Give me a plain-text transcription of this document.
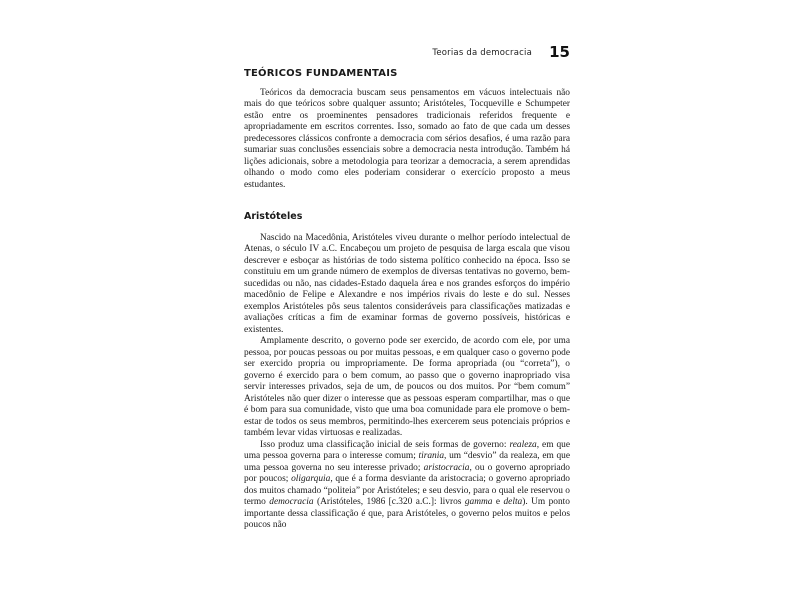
Teorias da democracia 15
TEÓRICOS FUNDAMENTAIS

Teóricos da democracia buscam seus pensamentos em vácuos intelectuais não mais do que teóricos sobre qualquer assunto; Aristóteles, Tocqueville e Schumpeter estão entre os proeminentes pensadores tradicionais referidos frequente e apropriadamente em escritos correntes. Isso, somado ao fato de que cada um desses predecessores clássicos confronte a democracia com sérios desafios, é uma razão para sumariar suas conclusões essenciais sobre a democracia nesta introdução. Também há lições adicionais, sobre a metodologia para teorizar a democracia, a serem aprendidas olhando o modo como eles poderiam considerar o exercício proposto a meus estudantes.

Aristóteles

Nascido na Macedônia, Aristóteles viveu durante o melhor período intelectual de Atenas, o século IV a.C. Encabeçou um projeto de pesquisa de larga escala que visou descrever e esboçar as histórias de todo sistema político conhecido na época. Isso se constituiu em um grande número de exemplos de diversas tentativas no governo, bem-sucedidas ou não, nas cidades-Estado daquela área e nos grandes esforços do império macedônio de Felipe e Alexandre e nos impérios rivais do leste e do sul. Nesses exemplos Aristóteles pôs seus talentos consideráveis para classificações matizadas e avaliações críticas a fim de examinar formas de governo possíveis, históricas e existentes.

Amplamente descrito, o governo pode ser exercido, de acordo com ele, por uma pessoa, por poucas pessoas ou por muitas pessoas, e em qualquer caso o governo pode ser exercido propria ou impropriamente. De forma apropriada (ou “correta”), o governo é exercido para o bem comum, ao passo que o governo inapropriado visa servir interesses privados, seja de um, de poucos ou dos muitos. Por “bem comum” Aristóteles não quer dizer o interesse que as pessoas esperam compartilhar, mas o que é bom para sua comunidade, visto que uma boa comunidade para ele promove o bem-estar de todos os seus membros, permitindo-lhes exercerem seus potenciais próprios e também levar vidas virtuosas e realizadas.

Isso produz uma classificação inicial de seis formas de governo: realeza, em que uma pessoa governa para o interesse comum; tirania, um “desvio” da realeza, em que uma pessoa governa no seu interesse privado; aristocracia, ou o governo apropriado por poucos; oligarquia, que é a forma desviante da aristocracia; o governo apropriado dos muitos chamado “politeia” por Aristóteles; e seu desvio, para o qual ele reservou o termo democracia (Aristóteles, 1986 [c.320 a.C.]: livros gamma e delta). Um ponto importante dessa classificação é que, para Aristóteles, o governo pelos muitos e pelos poucos não
